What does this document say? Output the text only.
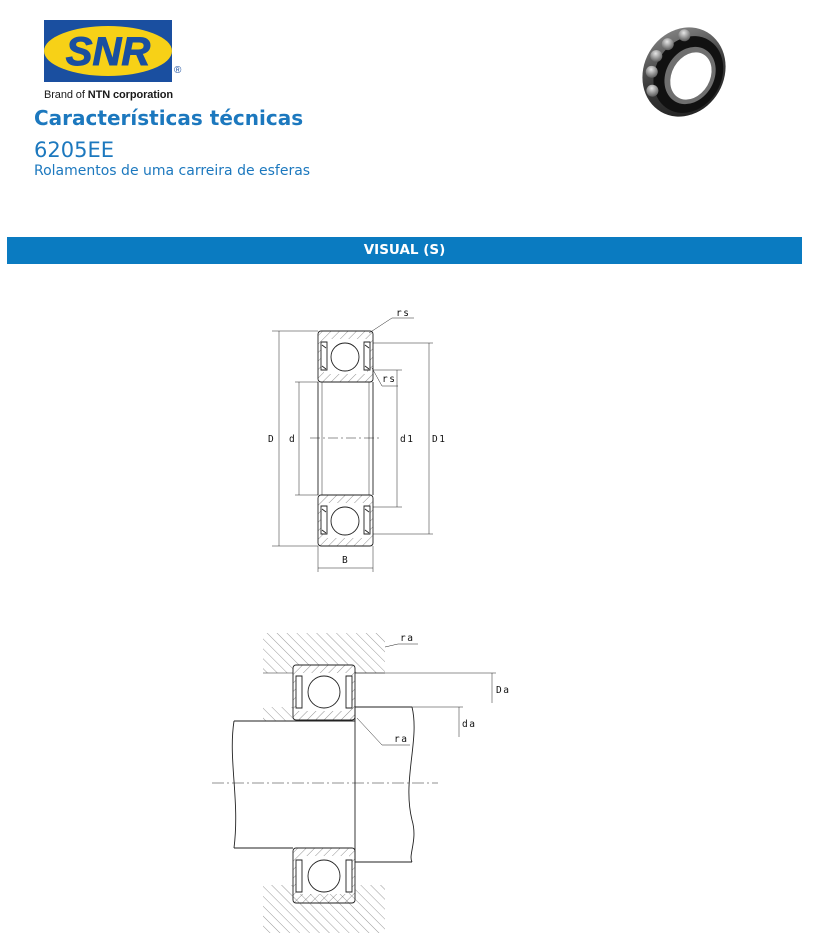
SNR ®
Brand of NTN corporation
Características técnicas
6205EE
Rolamentos de uma carreira de esferas
VISUAL (S)
rs
rs
D d	d1 D1
B
ra
ra
Da
da
